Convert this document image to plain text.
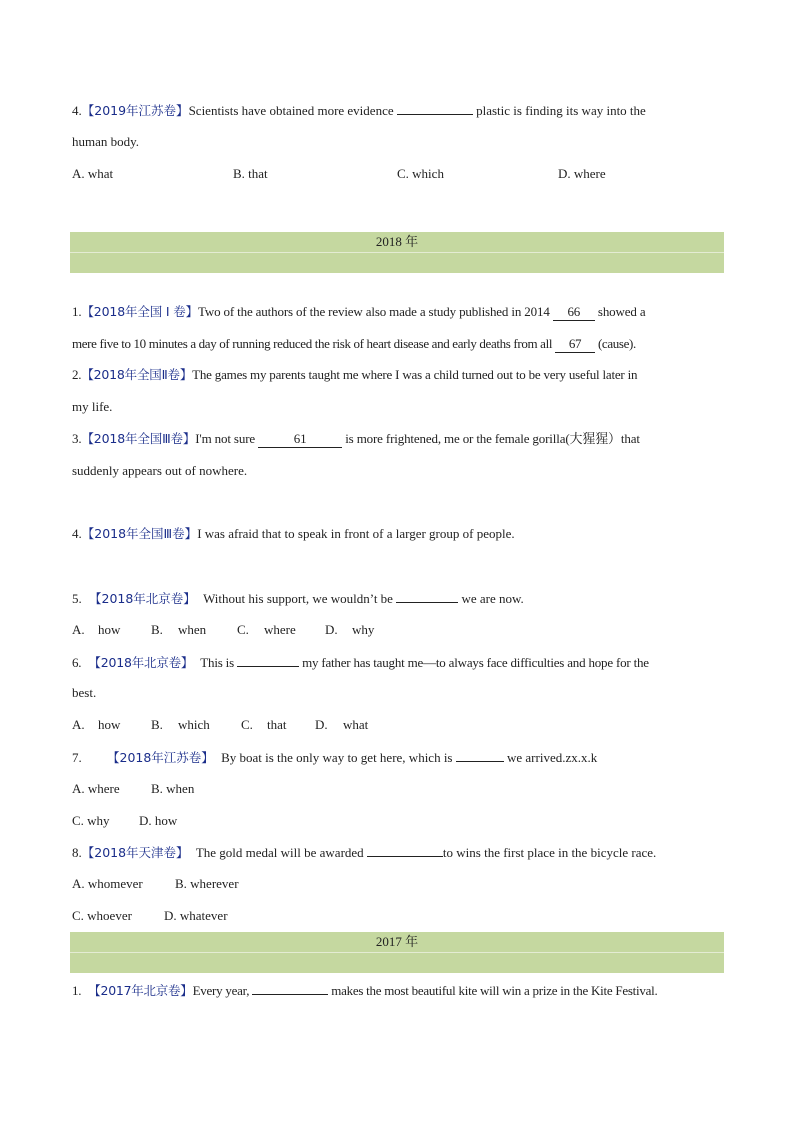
4.【2019年江苏卷】Scientists have obtained more evidence	plastic is finding its way into the
human body.
A. what	B. that	C. which	D. where
2018 年
1.【2018年全国 I 卷】Two of the authors of the review also made a study published in 2014 66 showed a
mere five to 10 minutes a day of running reduced the risk of heart disease and early deaths from all 67 (cause).
2.【2018年全国Ⅱ卷】The games my parents taught me where I was a child turned out to be very useful later in
my life.
3.【2018年全国Ⅲ卷】I'm not sure	61	is more frightened, me or the female gorilla(大猩猩）that
suddenly appears out of nowhere.
4.【2018年全国Ⅲ卷】I was afraid that to speak in front of a larger group of people.
5. 【2018年北京卷】 Without his support, we wouldn’t be	we are now.
A. how B. when C. where D. why
6. 【2018年北京卷】 This is	my father has taught me—to always face difficulties and hope for the
best.
A. how B. which C. that D. what
7. 【2018年江苏卷】 By boat is the only way to get here, which is	we arrived.zx.x.k
A. where B. when
C. why D. how
8.【2018年天津卷】 The gold medal will be awarded	to wins the first place in the bicycle race.
A. whomever B. wherever
C. whoever D. whatever
2017 年
1. 【2017年北京卷】Every year,	makes the most beautiful kite will win a prize in the Kite Festival.
